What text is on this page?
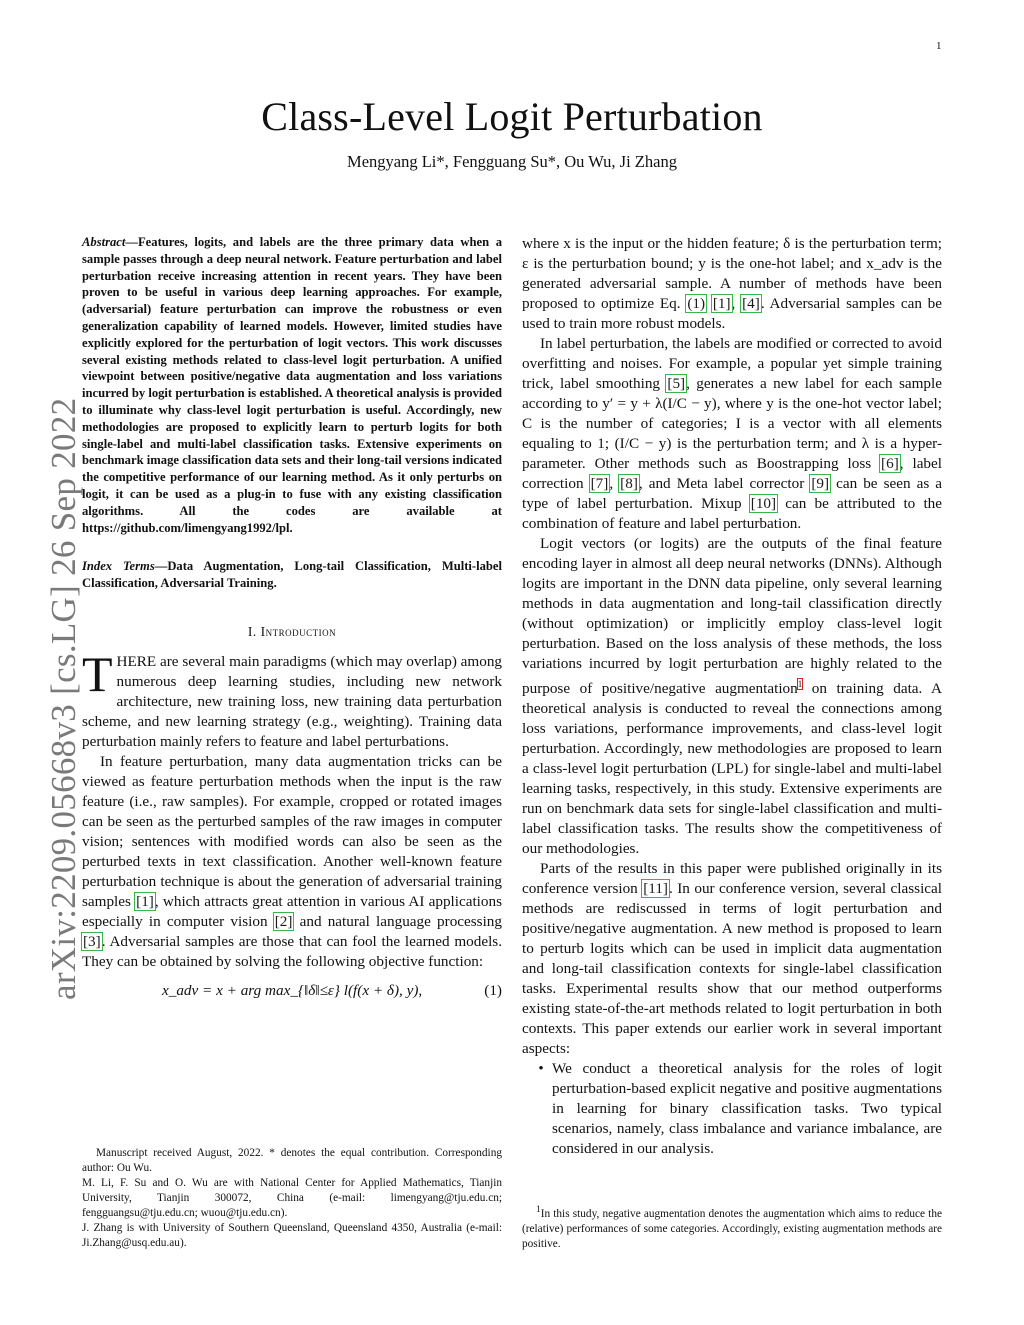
1
Class-Level Logit Perturbation
Mengyang Li*, Fengguang Su*, Ou Wu, Ji Zhang
arXiv:2209.05668v3 [cs.LG] 26 Sep 2022

Abstract—Features, logits, and labels are the three primary data when a sample passes through a deep neural network. Feature perturbation and label perturbation receive increasing attention in recent years. They have been proven to be useful in various deep learning approaches. For example, (adversarial) feature perturbation can improve the robustness or even generalization capability of learned models. However, limited studies have explicitly explored for the perturbation of logit vectors. This work discusses several existing methods related to class-level logit perturbation. A unified viewpoint between positive/negative data augmentation and loss variations incurred by logit perturbation is established. A theoretical analysis is provided to illuminate why class-level logit perturbation is useful. Accordingly, new methodologies are proposed to explicitly learn to perturb logits for both single-label and multi-label classification tasks. Extensive experiments on benchmark image classification data sets and their long-tail versions indicated the competitive performance of our learning method. As it only perturbs on logit, it can be used as a plug-in to fuse with any existing classification algorithms. All the codes are available at https://github.com/limengyang1992/lpl.

Index Terms—Data Augmentation, Long-tail Classification, Multi-label Classification, Adversarial Training.

I. Introduction

THERE are several main paradigms (which may overlap) among numerous deep learning studies, including new network architecture, new training loss, new training data perturbation scheme, and new learning strategy (e.g., weighting). Training data perturbation mainly refers to feature and label perturbations.

In feature perturbation, many data augmentation tricks can be viewed as feature perturbation methods when the input is the raw feature (i.e., raw samples). For example, cropped or rotated images can be seen as the perturbed samples of the raw images in computer vision; sentences with modified words can also be seen as the perturbed texts in text classification. Another well-known feature perturbation technique is about the generation of adversarial training samples [1], which attracts great attention in various AI applications especially in computer vision [2] and natural language processing [3]. Adversarial samples are those that can fool the learned models. They can be obtained by solving the following objective function:

x_adv = x + arg max_{‖δ‖≤ε} l(f(x + δ), y),	(1)

Manuscript received August, 2022. * denotes the equal contribution. Corresponding author: Ou Wu.

M. Li, F. Su and O. Wu are with National Center for Applied Mathematics, Tianjin University, Tianjin 300072, China (e-mail: limengyang@tju.edu.cn; fengguangsu@tju.edu.cn; wuou@tju.edu.cn).

J. Zhang is with University of Southern Queensland, Queensland 4350, Australia (e-mail: Ji.Zhang@usq.edu.au).

where x is the input or the hidden feature; δ is the perturbation term; ε is the perturbation bound; y is the one-hot label; and x_adv is the generated adversarial sample. A number of methods have been proposed to optimize Eq. (1) [1], [4]. Adversarial samples can be used to train more robust models.

In label perturbation, the labels are modified or corrected to avoid overfitting and noises. For example, a popular yet simple training trick, label smoothing [5], generates a new label for each sample according to y′ = y + λ(I/C − y), where y is the one-hot vector label; C is the number of categories; I is a vector with all elements equaling to 1; (I/C − y) is the perturbation term; and λ is a hyper-parameter. Other methods such as Boostrapping loss [6], label correction [7], [8], and Meta label corrector [9] can be seen as a type of label perturbation. Mixup [10] can be attributed to the combination of feature and label perturbation.

Logit vectors (or logits) are the outputs of the final feature encoding layer in almost all deep neural networks (DNNs). Although logits are important in the DNN data pipeline, only several learning methods in data augmentation and long-tail classification directly (without optimization) or implicitly employ class-level logit perturbation. Based on the loss analysis of these methods, the loss variations incurred by logit perturbation are highly related to the purpose of positive/negative augmentation$^1$ on training data. A theoretical analysis is conducted to reveal the connections among loss variations, performance improvements, and class-level logit perturbation. Accordingly, new methodologies are proposed to learn a class-level logit perturbation (LPL) for single-label and multi-label learning tasks, respectively, in this study. Extensive experiments are run on benchmark data sets for single-label classification and multi-label classification tasks. The results show the competitiveness of our methodologies.

Parts of the results in this paper were published originally in its conference version [11]. In our conference version, several classical methods are rediscussed in terms of logit perturbation and positive/negative augmentation. A new method is proposed to learn to perturb logits which can be used in implicit data augmentation and long-tail classification contexts for single-label classification tasks. Experimental results show that our method outperforms existing state-of-the-art methods related to logit perturbation in both contexts. This paper extends our earlier work in several important aspects:

• We conduct a theoretical analysis for the roles of logit perturbation-based explicit negative and positive augmentations in learning for binary classification tasks. Two typical scenarios, namely, class imbalance and variance imbalance, are considered in our analysis.
$^1$In this study, negative augmentation denotes the augmentation which aims to reduce the (relative) performances of some categories. Accordingly, existing augmentation methods are positive.
